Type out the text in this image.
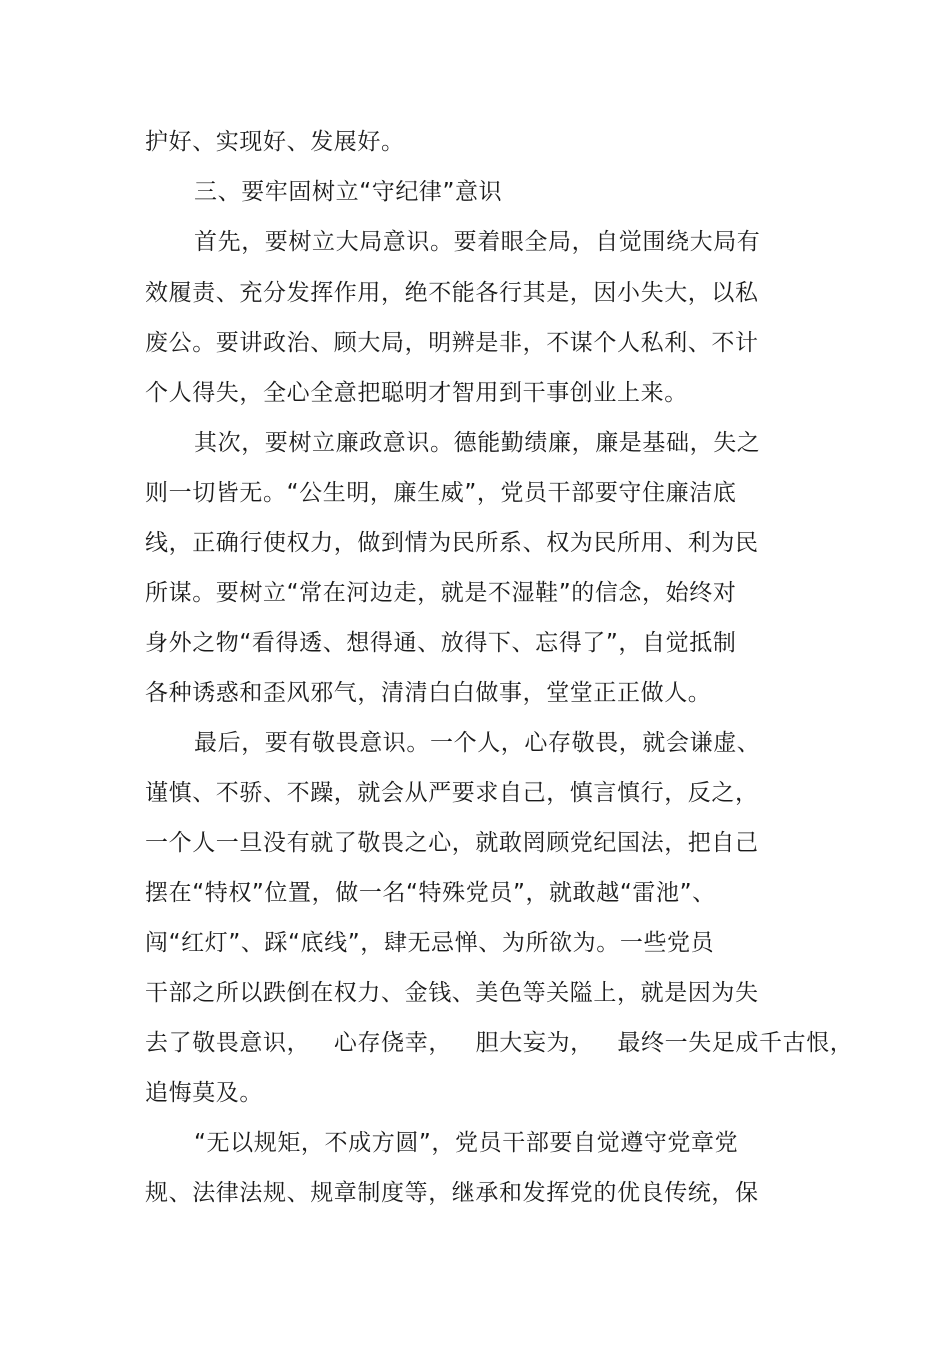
护好、实现好、发展好。

三、要牢固树立“守纪律”意识

首先，要树立大局意识。要着眼全局，自觉围绕大局有

效履责、充分发挥作用，绝不能各行其是，因小失大，以私

废公。要讲政治、顾大局，明辨是非，不谋个人私利、不计

个人得失，全心全意把聪明才智用到干事创业上来。

其次，要树立廉政意识。德能勤绩廉，廉是基础，失之

则一切皆无。“公生明，廉生威”，党员干部要守住廉洁底

线，正确行使权力，做到情为民所系、权为民所用、利为民

所谋。要树立“常在河边走，就是不湿鞋”的信念，始终对

身外之物“看得透、想得通、放得下、忘得了”，自觉抵制

各种诱惑和歪风邪气，清清白白做事，堂堂正正做人。

最后，要有敬畏意识。一个人，心存敬畏，就会谦虚、

谨慎、不骄、不躁，就会从严要求自己，慎言慎行，反之，

一个人一旦没有就了敬畏之心，就敢罔顾党纪国法，把自己

摆在“特权”位置，做一名“特殊党员”，就敢越“雷池”、

闯“红灯”、踩“底线”，肆无忌惮、为所欲为。一些党员

干部之所以跌倒在权力、金钱、美色等关隘上，就是因为失

去了敬畏意识，   心存侥幸，   胆大妄为，   最终一失足成千古恨，

追悔莫及。

“无以规矩，不成方圆”，党员干部要自觉遵守党章党

规、法律法规、规章制度等，继承和发挥党的优良传统，保
